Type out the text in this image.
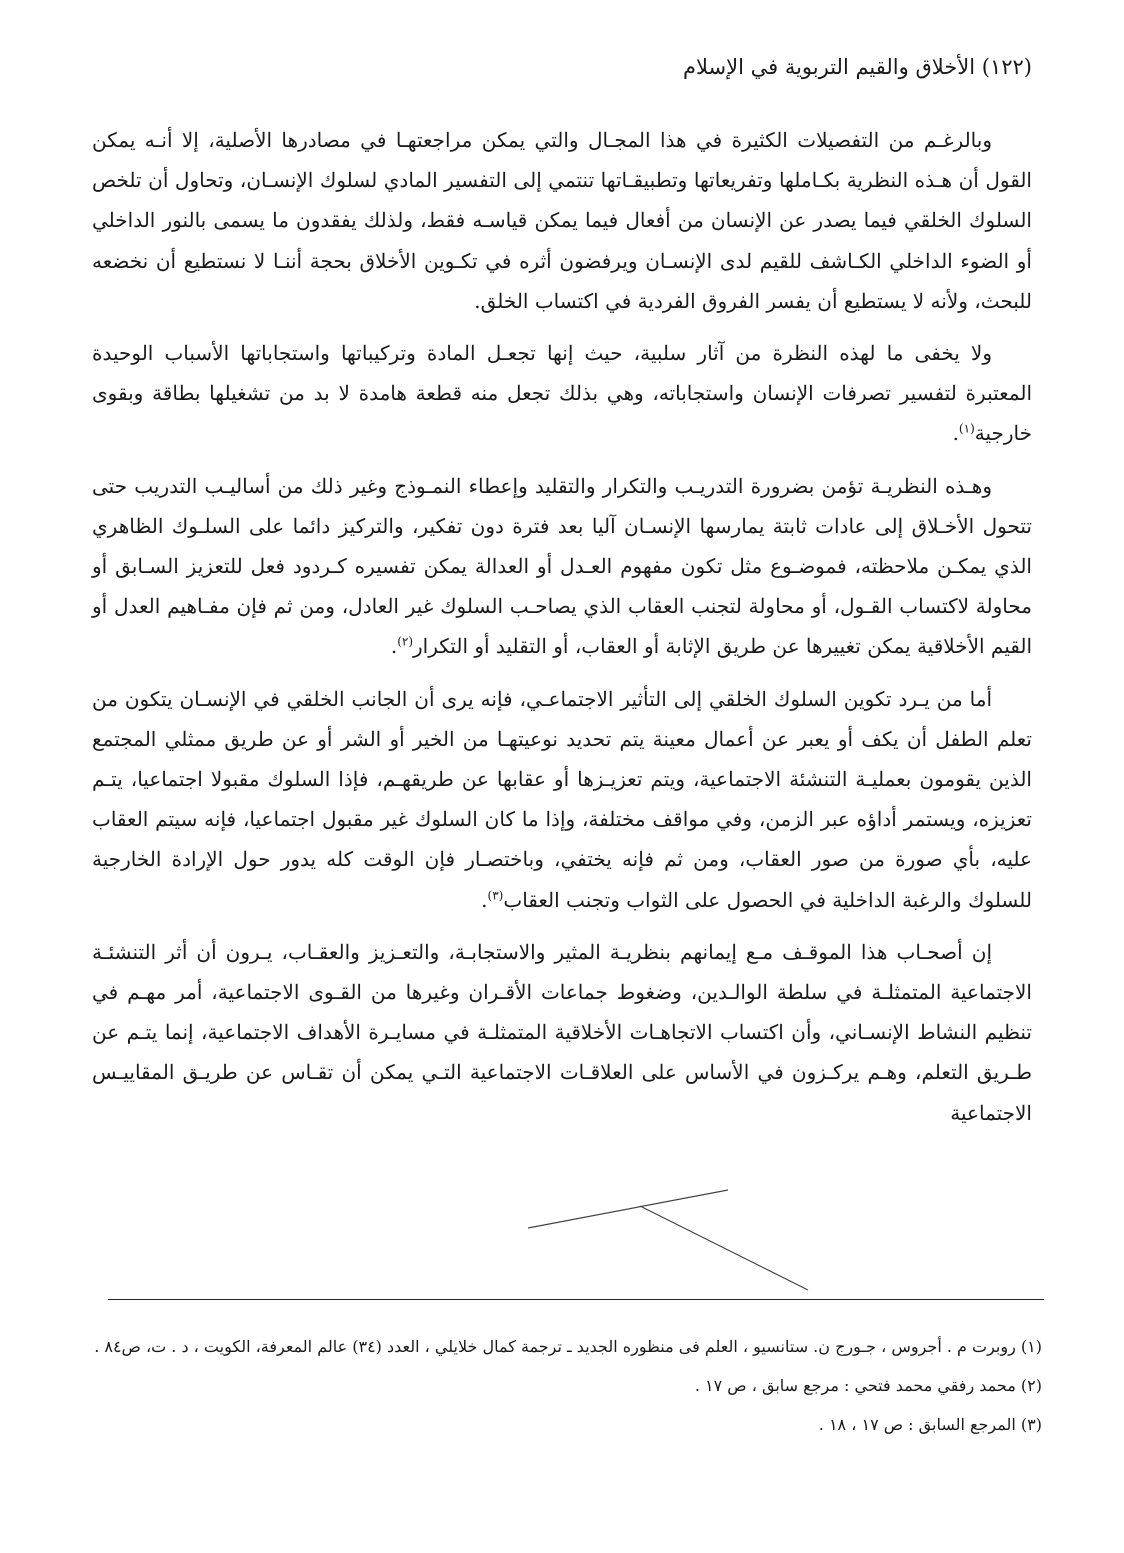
(١٢٢) الأخلاق والقيم التربوية في الإسلام

وبالرغـم من التفصيلات الكثيرة في هذا المجـال والتي يمكن مراجعتهـا في مصادرها الأصلية، إلا أنـه يمكن القول أن هـذه النظرية بكـاملها وتفريعاتها وتطبيقـاتها تنتمي إلى التفسير المادي لسلوك الإنسـان، وتحاول أن تلخص السلوك الخلقي فيما يصدر عن الإنسان من أفعال فيما يمكن قياسـه فقط، ولذلك يفقدون ما يسمى بالنور الداخلي أو الضوء الداخلي الكـاشف للقيم لدى الإنسـان ويرفضون أثره في تكـوين الأخلاق بحجة أننـا لا نستطيع أن نخضعه للبحث، ولأنه لا يستطيع أن يفسر الفروق الفردية في اكتساب الخلق.

ولا يخفى ما لهذه النظرة من آثار سلبية، حيث إنها تجعـل المادة وتركيباتها واستجاباتها الأسباب الوحيدة المعتبرة لتفسير تصرفات الإنسان واستجاباته، وهي بذلك تجعل منه قطعة هامدة لا بد من تشغيلها بطاقة وبقوى خارجية$^{(١)}$.

وهـذه النظريـة تؤمن بضرورة التدريـب والتكرار والتقليد وإعطاء النمـوذج وغير ذلك من أساليـب التدريب حتى تتحول الأخـلاق إلى عادات ثابتة يمارسها الإنسـان آليا بعد فترة دون تفكير، والتركيز دائما على السلـوك الظاهري الذي يمكـن ملاحظته، فموضـوع مثل تكون مفهوم العـدل أو العدالة يمكن تفسيره كـردود فعل للتعزيز السـابق أو محاولة لاكتساب القـول، أو محاولة لتجنب العقاب الذي يصاحـب السلوك غير العادل، ومن ثم فإن مفـاهيم العدل أو القيم الأخلاقية يمكن تغييرها عن طريق الإثابة أو العقاب، أو التقليد أو التكرار$^{(٢)}$.

أما من يـرد تكوين السلوك الخلقي إلى التأثير الاجتماعـي، فإنه يرى أن الجانب الخلقي في الإنسـان يتكون من تعلم الطفل أن يكف أو يعبر عن أعمال معينة يتم تحديد نوعيتهـا من الخير أو الشر أو عن طريق ممثلي المجتمع الذين يقومون بعمليـة التنشئة الاجتماعية، ويتم تعزيـزها أو عقابها عن طريقهـم، فإذا السلوك مقبولا اجتماعيا، يتـم تعزيزه، ويستمر أداؤه عبر الزمن، وفي مواقف مختلفة، وإذا ما كان السلوك غير مقبول اجتماعيا، فإنه سيتم العقاب عليه، بأي صورة من صور العقاب، ومن ثم فإنه يختفي، وباختصـار فإن الوقت كله يدور حول الإرادة الخارجية للسلوك والرغبة الداخلية في الحصول على الثواب وتجنب العقاب$^{(٣)}$.

إن أصحـاب هذا الموقـف مـع إيمانهم بنظريـة المثير والاستجابـة، والتعـزيز والعقـاب، يـرون أن أثر التنشئـة الاجتماعية المتمثلـة في سلطة الوالـدين، وضغوط جماعات الأقـران وغيرها من القـوى الاجتماعية، أمر مهـم في تنظيم النشاط الإنسـاني، وأن اكتساب الاتجاهـات الأخلاقية المتمثلـة في مسايـرة الأهداف الاجتماعية، إنما يتـم عن طـريق التعلم، وهـم يركـزون في الأساس على العلاقـات الاجتماعية التـي يمكن أن تقـاس عن طريـق المقاييـس الاجتماعية

(١) روبرت م . أجروس ، جـورج ن. ستانسيو ، العلم فى منظوره الجديد ـ ترجمة كمال خلايلي ، العدد (٣٤) عالم المعرفة، الكويت ، د . ت، ص٨٤ .
(٢) محمد رفقي محمد فتحي : مرجع سابق ، ص ١٧ .
(٣) المرجع السابق : ص ١٧ ، ١٨ .
